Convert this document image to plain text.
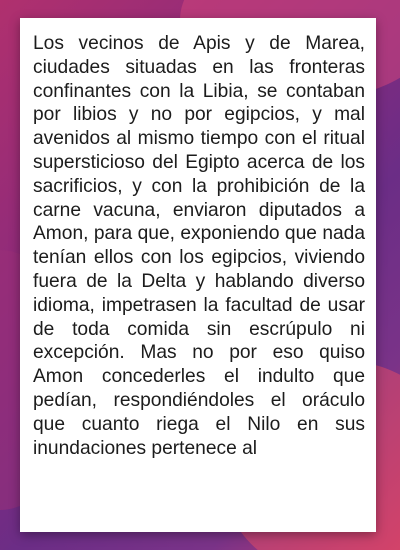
Los vecinos de Apis y de Marea, ciudades situadas en las fronteras confinantes con la Libia, se contaban por libios y no por egipcios, y mal avenidos al mismo tiempo con el ritual supersticioso del Egipto acerca de los sacrificios, y con la prohibición de la carne vacuna, enviaron diputados a Amon, para que, exponiendo que nada tenían ellos con los egipcios, viviendo fuera de la Delta y hablando diverso idioma, impetrasen la facultad de usar de toda comida sin escrúpulo ni excepción. Mas no por eso quiso Amon concederles el indulto que pedían, respondiéndoles el oráculo que cuanto riega el Nilo en sus inundaciones pertenece al
